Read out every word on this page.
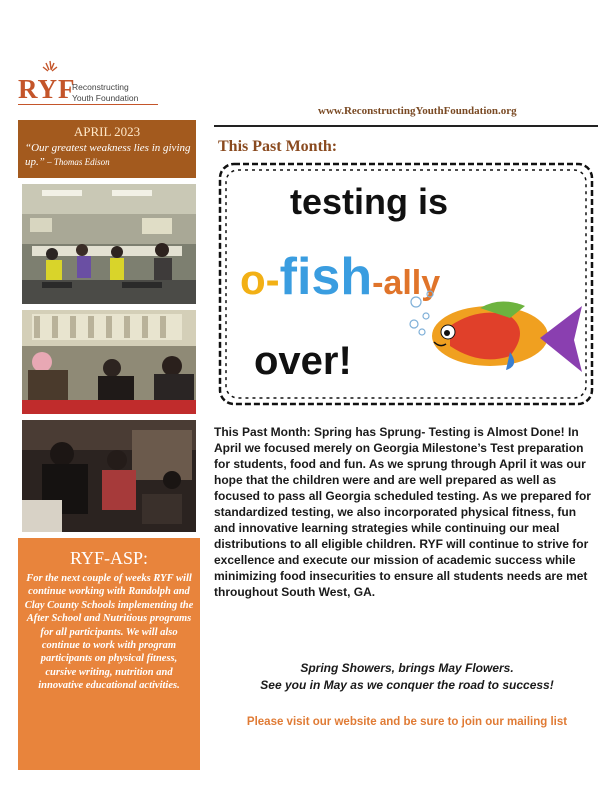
RYF
Reconstructing
Youth Foundation
www.ReconstructingYouthFoundation.org
APRIL 2023
“Our greatest weakness lies in giving up.” – Thomas Edison
RYF-ASP:
For the next couple of weeks RYF will continue working with Randolph and Clay County Schools implementing the After School and Nutritious programs for all participants. We will also continue to work with program participants on physical fitness, cursive writing, nutrition and innovative educational activities.
This Past Month:
testing is
o-fish-ally
over!
This Past Month: Spring has Sprung- Testing is Almost Done! In April we focused merely on Georgia Milestone’s Test preparation for students, food and fun. As we sprung through April it was our hope that the children were and are well prepared as well as focused to pass all Georgia scheduled testing. As we prepared for standardized testing, we also incorporated physical fitness, fun and innovative learning strategies while continuing our meal distributions to all eligible children. RYF will continue to strive for excellence and execute our mission of academic success while minimizing food insecurities to ensure all students needs are met throughout South West, GA.
Spring Showers, brings May Flowers.
See you in May as we conquer the road to success!
Please visit our website and be sure to join our mailing list
